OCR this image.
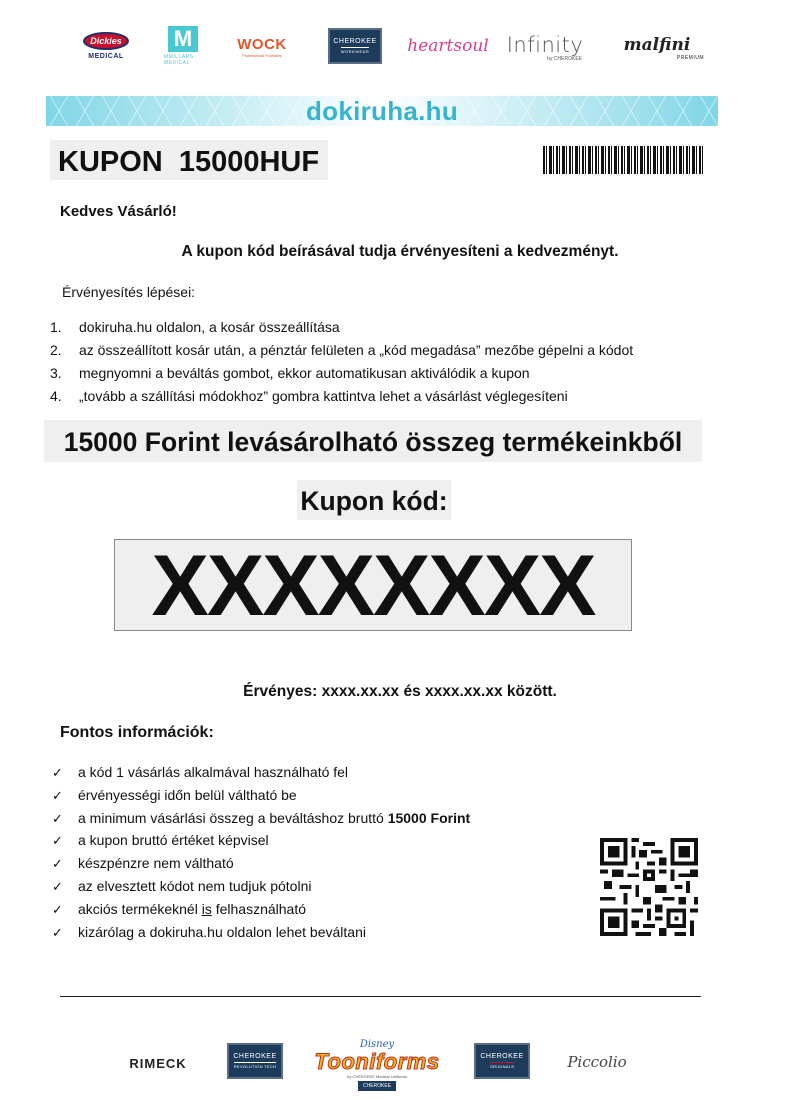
Dickies
MEDICAL
M
MMILLARS MEDICAL
WOCK
Professional Footwear
CHEROKEE
WORKWEAR heartsoul Infinity
by CHEROKEE
malfini
PREMIUM
dokiruha.hu
KUPON  15000HUF
Kedves Vásárló!
A kupon kód beírásával tudja érvényesíteni a kedvezményt.
Érvényesítés lépései:
1. dokiruha.hu oldalon, a kosár összeállítása
2. az összeállított kosár után, a pénztár felületen a „kód megadása” mezőbe gépelni a kódot
3. megnyomni a beváltás gombot, ekkor automatikusan aktiválódik a kupon
4. „tovább a szállítási módokhoz” gombra kattintva lehet a vásárlást véglegesíteni
15000 Forint levásárolható összeg termékeinkből
Kupon kód:
XXXXXXXX
Érvényes: xxxx.xx.xx és xxxx.xx.xx között.
Fontos információk:
✓ a kód 1 vásárlás alkalmával használható fel
✓ érvényességi időn belül váltható be
✓ a minimum vásárlási összeg a beváltáshoz bruttó 15000 Forint
✓ a kupon bruttó értéket képvisel
✓ készpénzre nem váltható
✓ az elvesztett kódot nem tudjuk pótolni
✓ akciós termékeknél is felhasználható
✓ kizárólag a dokiruha.hu oldalon lehet beváltani
RIMECK	CHEROKEE
REVOLUTION TECH
Disney
Tooniforms
by CHEROKEE Medical Uniforms
CHEROKEE
CHEROKEE
ORIGINALS	Piccolio
